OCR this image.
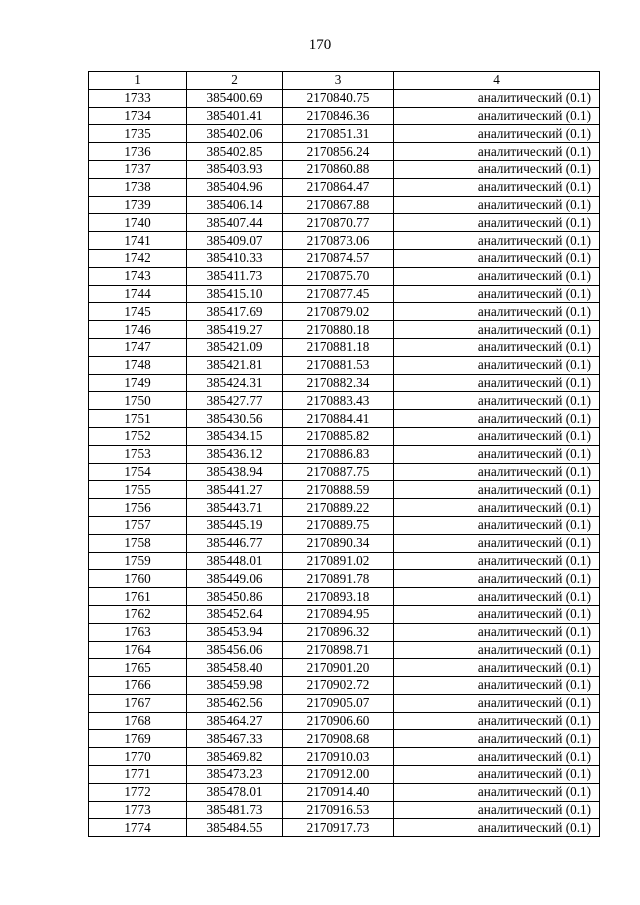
170
1	2	3	4
1733	385400.69	2170840.75	аналитический (0.1)
1734	385401.41	2170846.36	аналитический (0.1)
1735	385402.06	2170851.31	аналитический (0.1)
1736	385402.85	2170856.24	аналитический (0.1)
1737	385403.93	2170860.88	аналитический (0.1)
1738	385404.96	2170864.47	аналитический (0.1)
1739	385406.14	2170867.88	аналитический (0.1)
1740	385407.44	2170870.77	аналитический (0.1)
1741	385409.07	2170873.06	аналитический (0.1)
1742	385410.33	2170874.57	аналитический (0.1)
1743	385411.73	2170875.70	аналитический (0.1)
1744	385415.10	2170877.45	аналитический (0.1)
1745	385417.69	2170879.02	аналитический (0.1)
1746	385419.27	2170880.18	аналитический (0.1)
1747	385421.09	2170881.18	аналитический (0.1)
1748	385421.81	2170881.53	аналитический (0.1)
1749	385424.31	2170882.34	аналитический (0.1)
1750	385427.77	2170883.43	аналитический (0.1)
1751	385430.56	2170884.41	аналитический (0.1)
1752	385434.15	2170885.82	аналитический (0.1)
1753	385436.12	2170886.83	аналитический (0.1)
1754	385438.94	2170887.75	аналитический (0.1)
1755	385441.27	2170888.59	аналитический (0.1)
1756	385443.71	2170889.22	аналитический (0.1)
1757	385445.19	2170889.75	аналитический (0.1)
1758	385446.77	2170890.34	аналитический (0.1)
1759	385448.01	2170891.02	аналитический (0.1)
1760	385449.06	2170891.78	аналитический (0.1)
1761	385450.86	2170893.18	аналитический (0.1)
1762	385452.64	2170894.95	аналитический (0.1)
1763	385453.94	2170896.32	аналитический (0.1)
1764	385456.06	2170898.71	аналитический (0.1)
1765	385458.40	2170901.20	аналитический (0.1)
1766	385459.98	2170902.72	аналитический (0.1)
1767	385462.56	2170905.07	аналитический (0.1)
1768	385464.27	2170906.60	аналитический (0.1)
1769	385467.33	2170908.68	аналитический (0.1)
1770	385469.82	2170910.03	аналитический (0.1)
1771	385473.23	2170912.00	аналитический (0.1)
1772	385478.01	2170914.40	аналитический (0.1)
1773	385481.73	2170916.53	аналитический (0.1)
1774	385484.55	2170917.73	аналитический (0.1)
